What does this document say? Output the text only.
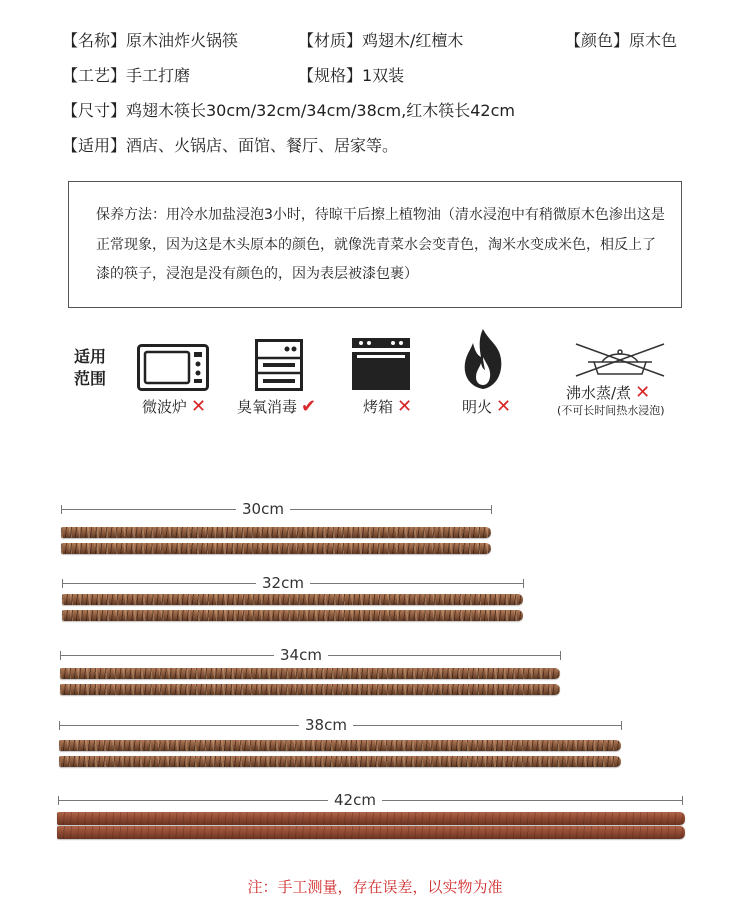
【名称】原木油炸火锅筷	【材质】鸡翅木/红檀木	【颜色】原木色
【工艺】手工打磨	【规格】1双装
【尺寸】鸡翅木筷长30cm/32cm/34cm/38cm,红木筷长42cm
【适用】酒店、火锅店、面馆、餐厅、居家等。
保养方法：用冷水加盐浸泡3小时，待晾干后擦上植物油（清水浸泡中有稍微原木色渗出这是正常现象，因为这是木头原本的颜色，就像洗青菜水会变青色，淘米水变成米色，相反上了漆的筷子，浸泡是没有颜色的，因为表层被漆包裹）
适用范围
微波炉 ✕ 臭氧消毒 ✔	烤箱 ✕	明火 ✕
沸水蒸/煮 ✕
(不可长时间热水浸泡)
30cm
32cm
34cm
38cm
42cm
注：手工测量，存在误差，以实物为准
